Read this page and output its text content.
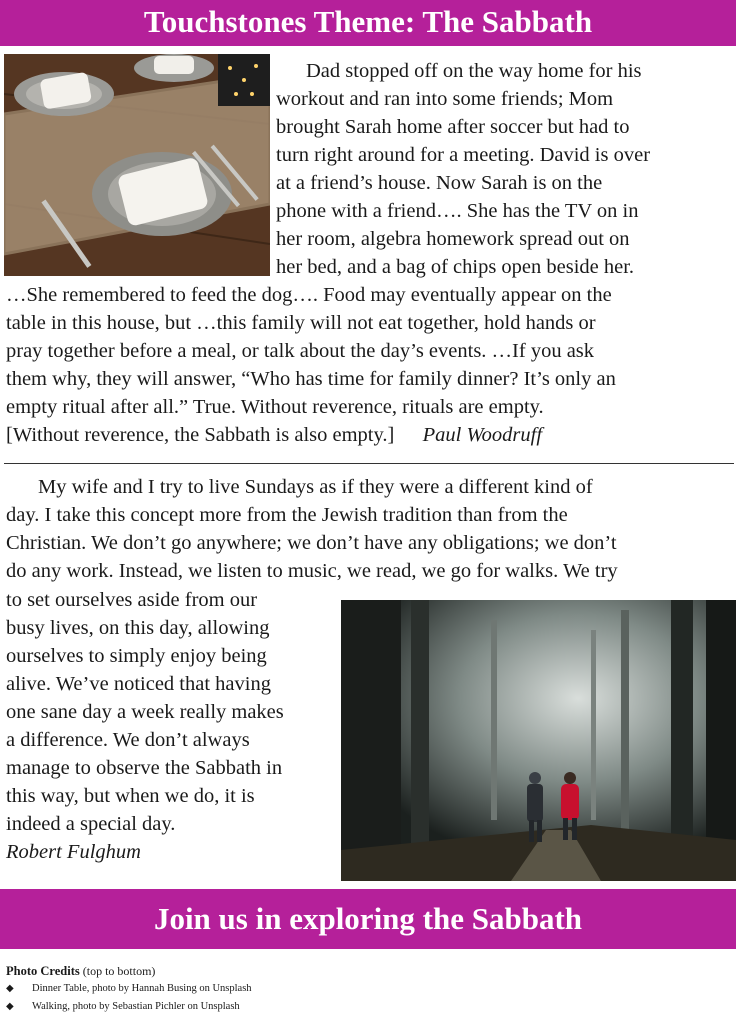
Touchstones Theme: The Sabbath
Dad stopped off on the way home for his
workout and ran into some friends; Mom
brought Sarah home after soccer but had to
turn right around for a meeting. David is over
at a friend’s house. Now Sarah is on the
phone with a friend…. She has the TV on in
her room, algebra homework spread out on
her bed, and a bag of chips open beside her.
…She remembered to feed the dog…. Food may eventually appear on the
table in this house, but …this family will not eat together, hold hands or
pray together before a meal, or talk about the day’s events. …If you ask
them why, they will answer, “Who has time for family dinner? It’s only an
empty ritual after all.” True. Without reverence, rituals are empty.
[Without reverence, the Sabbath is also empty.] Paul Woodruff
My wife and I try to live Sundays as if they were a different kind of
day. I take this concept more from the Jewish tradition than from the
Christian. We don’t go anywhere; we don’t have any obligations; we don’t
do any work. Instead, we listen to music, we read, we go for walks. We try
to set ourselves aside from our
busy lives, on this day, allowing
ourselves to simply enjoy being
alive. We’ve noticed that having
one sane day a week really makes
a difference. We don’t always
manage to observe the Sabbath in
this way, but when we do, it is
indeed a special day.
Robert Fulghum
Join us in exploring the Sabbath
Photo Credits (top to bottom)
◆ Dinner Table, photo by Hannah Busing on Unsplash
◆ Walking, photo by Sebastian Pichler on Unsplash
